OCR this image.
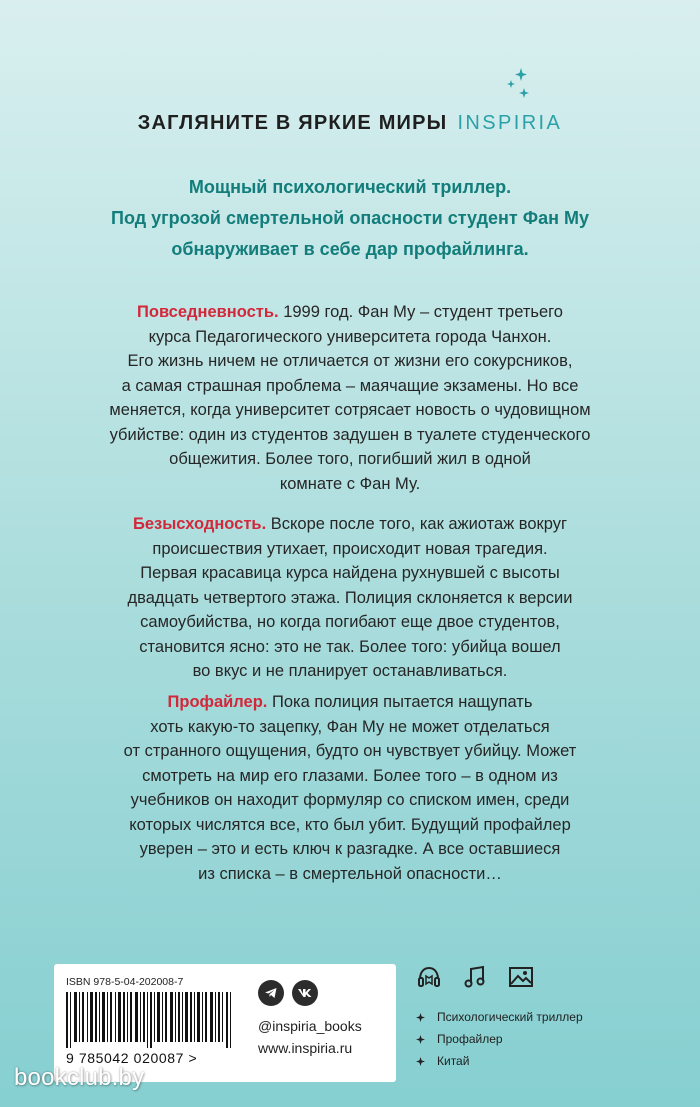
ЗАГЛЯНИТЕ В ЯРКИЕ МИРЫ INSPIRIA
Мощный психологический триллер.
Под угрозой смертельной опасности студент Фан Му
обнаруживает в себе дар профайлинга.
Повседневность. 1999 год. Фан Му – студент третьего
курса Педагогического университета города Чанхон.
Его жизнь ничем не отличается от жизни его сокурсников,
а самая страшная проблема – маячащие экзамены. Но все
меняется, когда университет сотрясает новость о чудовищном
убийстве: один из студентов задушен в туалете студенческого
общежития. Более того, погибший жил в одной
комнате с Фан Му.
Безысходность. Вскоре после того, как ажиотаж вокруг
происшествия утихает, происходит новая трагедия.
Первая красавица курса найдена рухнувшей с высоты
двадцать четвертого этажа. Полиция склоняется к версии
самоубийства, но когда погибают еще двое студентов,
становится ясно: это не так. Более того: убийца вошел
во вкус и не планирует останавливаться.
Профайлер. Пока полиция пытается нащупать
хоть какую-то зацепку, Фан Му не может отделаться
от странного ощущения, будто он чувствует убийцу. Может
смотреть на мир его глазами. Более того – в одном из
учебников он находит формуляр со списком имен, среди
которых числятся все, кто был убит. Будущий профайлер
уверен – это и есть ключ к разгадке. А все оставшиеся
из списка – в смертельной опасности…
ISBN 978-5-04-202008-7
9 785042 020087 >
@inspiria_books
www.inspiria.ru
Психологический триллер
Профайлер
Китай
bookclub.by
